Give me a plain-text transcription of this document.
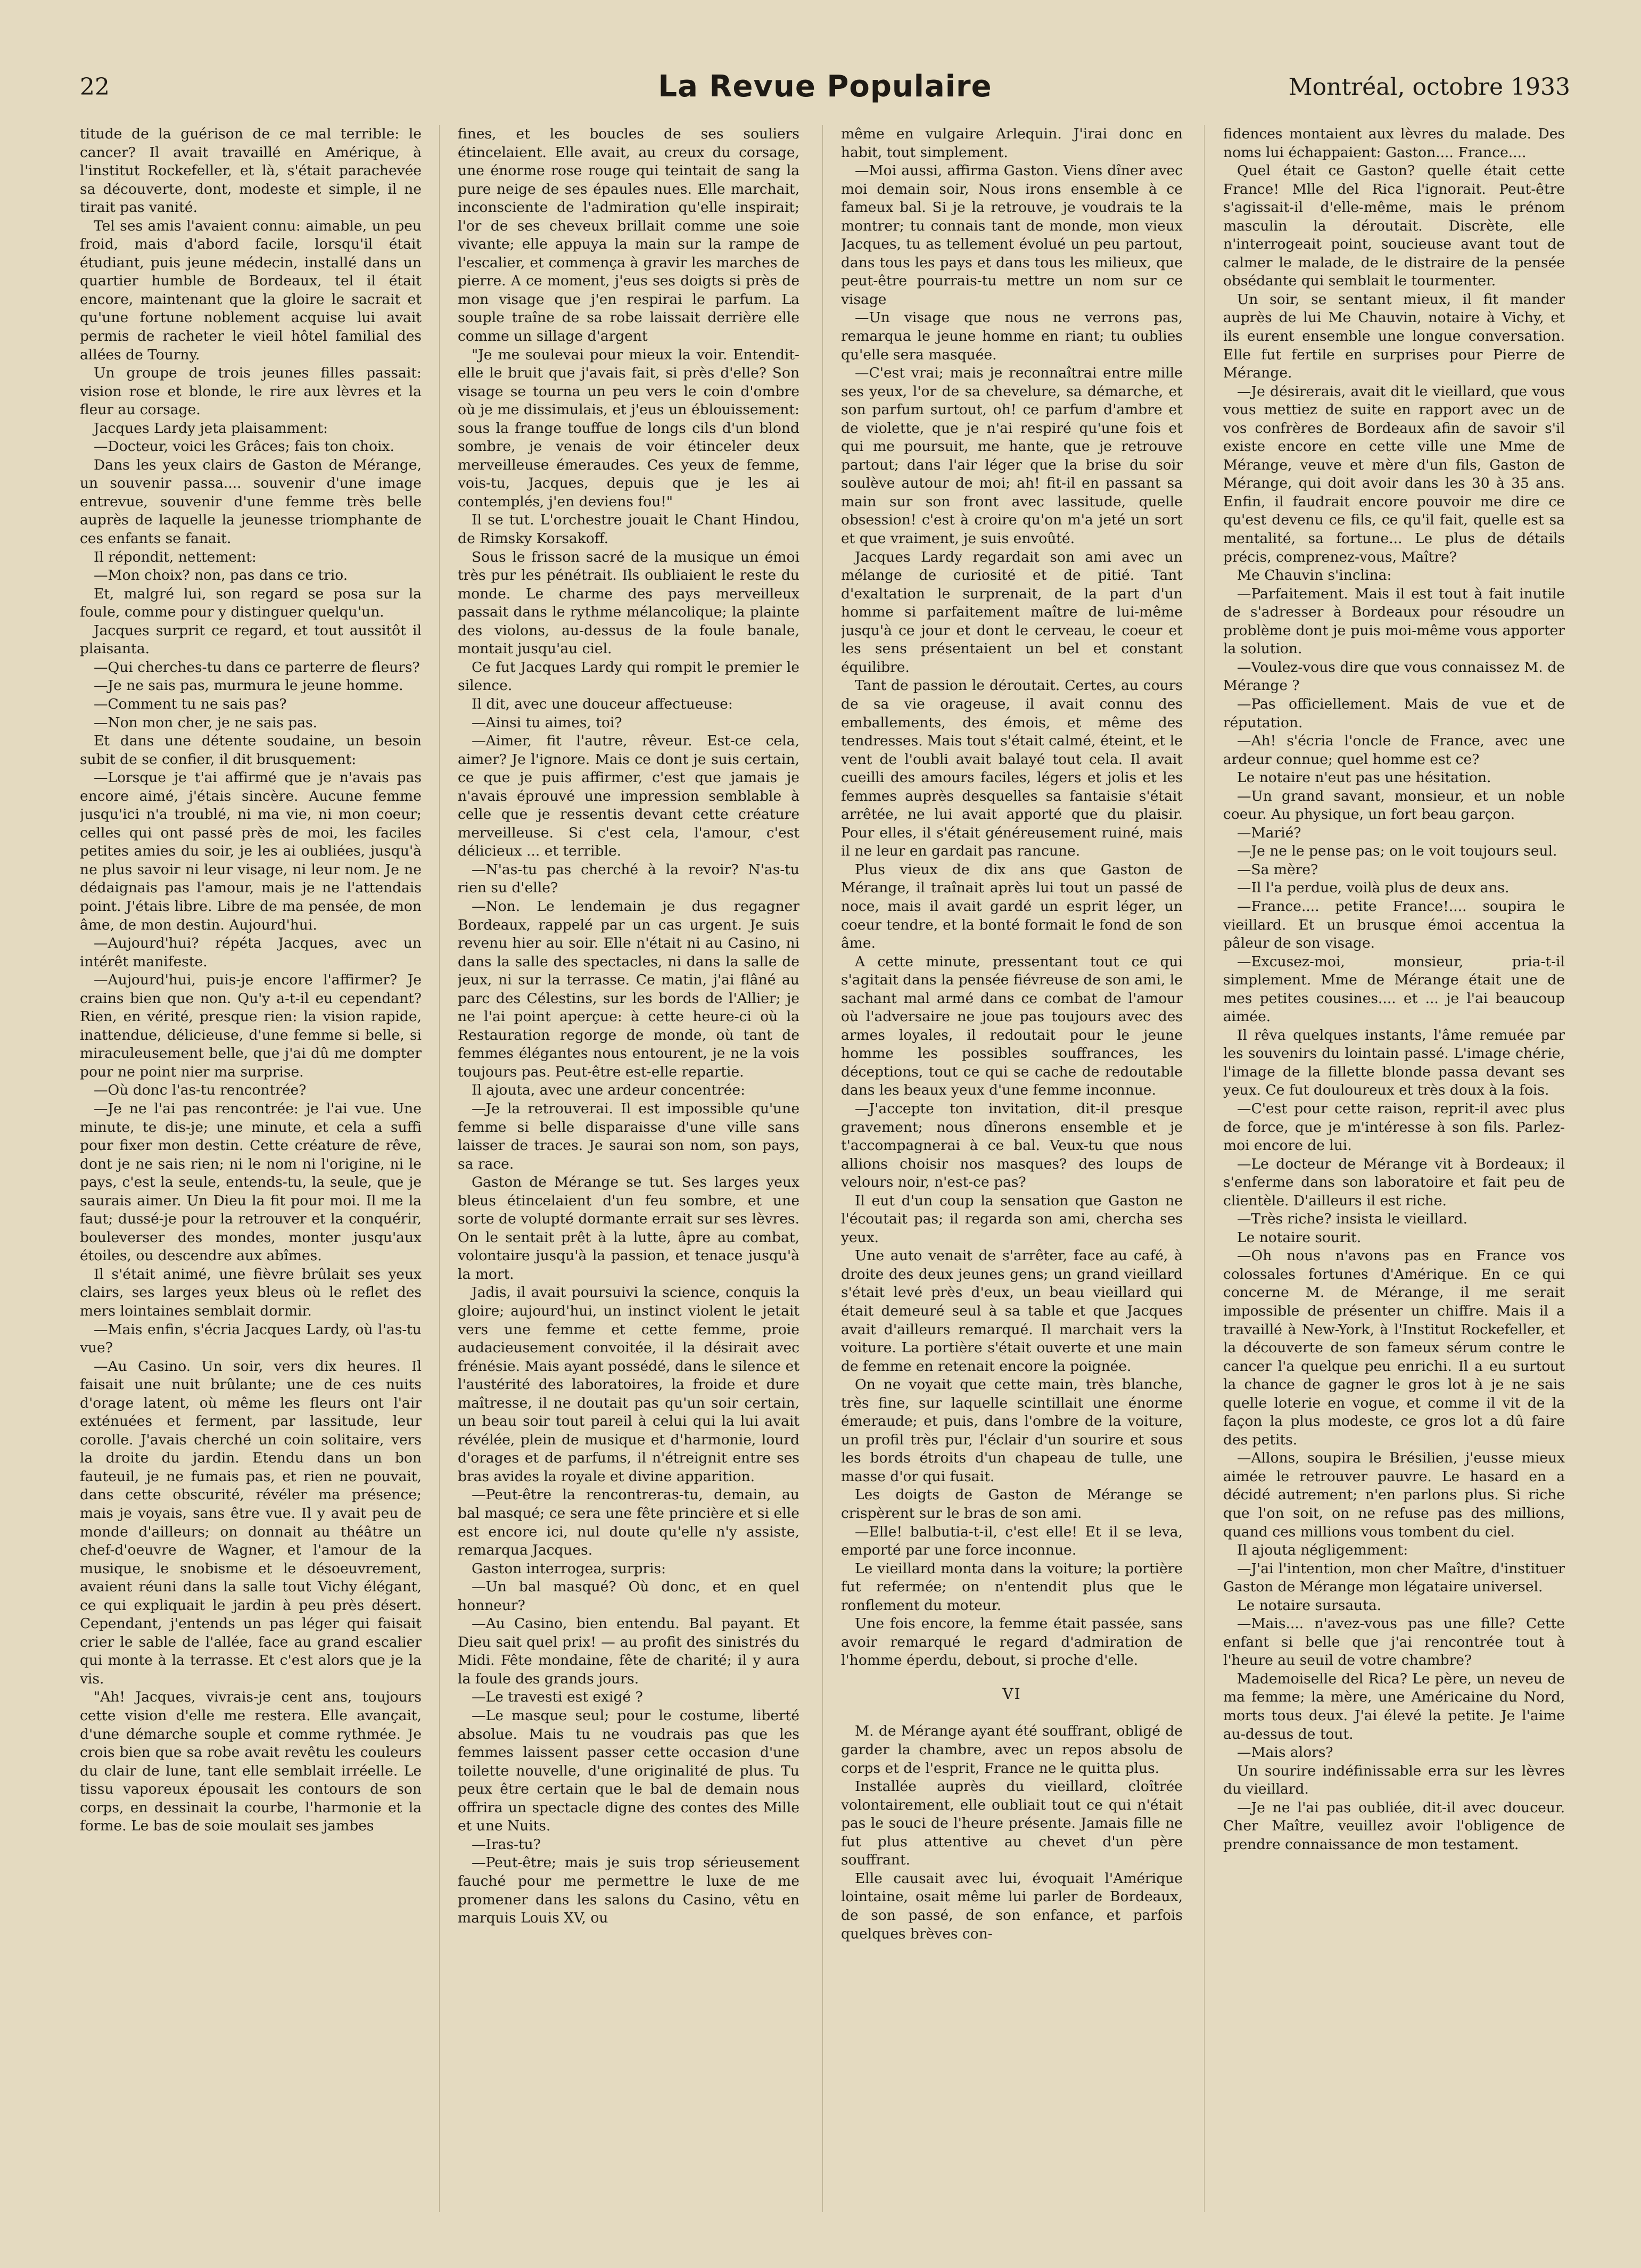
22	La Revue Populaire	Montréal, octobre 1933

titude de la guérison de ce mal terrible: le cancer? Il avait travaillé en Amérique, à l'institut Rockefeller, et là, s'était parachevée sa découverte, dont, modeste et simple, il ne tirait pas vanité.

Tel ses amis l'avaient connu: aimable, un peu froid, mais d'abord facile, lorsqu'il était étudiant, puis jeune médecin, installé dans un quartier humble de Bordeaux, tel il était encore, maintenant que la gloire le sacrait et qu'une fortune noblement acquise lui avait permis de racheter le vieil hôtel familial des allées de Tourny.

Un groupe de trois jeunes filles passait: vision rose et blonde, le rire aux lèvres et la fleur au corsage.

Jacques Lardy jeta plaisamment:

—Docteur, voici les Grâces; fais ton choix.

Dans les yeux clairs de Gaston de Mérange, un souvenir passa.... souvenir d'une image entrevue, souvenir d'une femme très belle auprès de laquelle la jeunesse triomphante de ces enfants se fanait.

Il répondit, nettement:

—Mon choix? non, pas dans ce trio.

Et, malgré lui, son regard se posa sur la foule, comme pour y distinguer quelqu'un.

Jacques surprit ce regard, et tout aussitôt il plaisanta.

—Qui cherches-tu dans ce parterre de fleurs?

—Je ne sais pas, murmura le jeune homme.

—Comment tu ne sais pas?

—Non mon cher, je ne sais pas.

Et dans une détente soudaine, un besoin subit de se confier, il dit brusquement:

—Lorsque je t'ai affirmé que je n'avais pas encore aimé, j'étais sincère. Aucune femme jusqu'ici n'a troublé, ni ma vie, ni mon coeur; celles qui ont passé près de moi, les faciles petites amies du soir, je les ai oubliées, jusqu'à ne plus savoir ni leur visage, ni leur nom. Je ne dédaignais pas l'amour, mais je ne l'attendais point. J'étais libre. Libre de ma pensée, de mon âme, de mon destin. Aujourd'hui.

—Aujourd'hui? répéta Jacques, avec un intérêt manifeste.

—Aujourd'hui, puis-je encore l'affirmer? Je crains bien que non. Qu'y a-t-il eu cependant? Rien, en vérité, presque rien: la vision rapide, inattendue, délicieuse, d'une femme si belle, si miraculeusement belle, que j'ai dû me dompter pour ne point nier ma surprise.

—Où donc l'as-tu rencontrée?

—Je ne l'ai pas rencontrée: je l'ai vue. Une minute, te dis-je; une minute, et cela a suffi pour fixer mon destin. Cette créature de rêve, dont je ne sais rien; ni le nom ni l'origine, ni le pays, c'est la seule, entends-tu, la seule, que je saurais aimer. Un Dieu la fit pour moi. Il me la faut; dussé-je pour la retrouver et la conquérir, bouleverser des mondes, monter jusqu'aux étoiles, ou descendre aux abîmes.

Il s'était animé, une fièvre brûlait ses yeux clairs, ses larges yeux bleus où le reflet des mers lointaines semblait dormir.

—Mais enfin, s'écria Jacques Lardy, où l'as-tu vue?

—Au Casino. Un soir, vers dix heures. Il faisait une nuit brûlante; une de ces nuits d'orage latent, où même les fleurs ont l'air exténuées et ferment, par lassitude, leur corolle. J'avais cherché un coin solitaire, vers la droite du jardin. Etendu dans un bon fauteuil, je ne fumais pas, et rien ne pouvait, dans cette obscurité, révéler ma présence; mais je voyais, sans être vue. Il y avait peu de monde d'ailleurs; on donnait au théâtre un chef-d'oeuvre de Wagner, et l'amour de la musique, le snobisme et le désoeuvrement, avaient réuni dans la salle tout Vichy élégant, ce qui expliquait le jardin à peu près désert. Cependant, j'entends un pas léger qui faisait crier le sable de l'allée, face au grand escalier qui monte à la terrasse. Et c'est alors que je la vis.

"Ah! Jacques, vivrais-je cent ans, toujours cette vision d'elle me restera. Elle avançait, d'une démarche souple et comme rythmée. Je crois bien que sa robe avait revêtu les couleurs du clair de lune, tant elle semblait irréelle. Le tissu vaporeux épousait les contours de son corps, en dessinait la courbe, l'harmonie et la forme. Le bas de soie moulait ses jambes

fines, et les boucles de ses souliers étincelaient. Elle avait, au creux du corsage, une énorme rose rouge qui teintait de sang la pure neige de ses épaules nues. Elle marchait, inconsciente de l'admiration qu'elle inspirait; l'or de ses cheveux brillait comme une soie vivante; elle appuya la main sur la rampe de l'escalier, et commença à gravir les marches de pierre. A ce moment, j'eus ses doigts si près de mon visage que j'en respirai le parfum. La souple traîne de sa robe laissait derrière elle comme un sillage d'argent

"Je me soulevai pour mieux la voir. Entendit-elle le bruit que j'avais fait, si près d'elle? Son visage se tourna un peu vers le coin d'ombre où je me dissimulais, et j'eus un éblouissement: sous la frange touffue de longs cils d'un blond sombre, je venais de voir étinceler deux merveilleuse émeraudes. Ces yeux de femme, vois-tu, Jacques, depuis que je les ai contemplés, j'en deviens fou!"

Il se tut. L'orchestre jouait le Chant Hindou, de Rimsky Korsakoff.

Sous le frisson sacré de la musique un émoi très pur les pénétrait. Ils oubliaient le reste du monde. Le charme des pays merveilleux passait dans le rythme mélancolique; la plainte des violons, au-dessus de la foule banale, montait jusqu'au ciel.

Ce fut Jacques Lardy qui rompit le premier le silence.

Il dit, avec une douceur affectueuse:

—Ainsi tu aimes, toi?

—Aimer, fit l'autre, rêveur. Est-ce cela, aimer? Je l'ignore. Mais ce dont je suis certain, ce que je puis affirmer, c'est que jamais je n'avais éprouvé une impression semblable à celle que je ressentis devant cette créature merveilleuse. Si c'est cela, l'amour, c'est délicieux ... et terrible.

—N'as-tu pas cherché à la revoir? N'as-tu rien su d'elle?

—Non. Le lendemain je dus regagner Bordeaux, rappelé par un cas urgent. Je suis revenu hier au soir. Elle n'était ni au Casino, ni dans la salle des spectacles, ni dans la salle de jeux, ni sur la terrasse. Ce matin, j'ai flâné au parc des Célestins, sur les bords de l'Allier; je ne l'ai point aperçue: à cette heure-ci où la Restauration regorge de monde, où tant de femmes élégantes nous entourent, je ne la vois toujours pas. Peut-être est-elle repartie.

Il ajouta, avec une ardeur concentrée:

—Je la retrouverai. Il est impossible qu'une femme si belle disparaisse d'une ville sans laisser de traces. Je saurai son nom, son pays, sa race.

Gaston de Mérange se tut. Ses larges yeux bleus étincelaient d'un feu sombre, et une sorte de volupté dormante errait sur ses lèvres. On le sentait prêt à la lutte, âpre au combat, volontaire jusqu'à la passion, et tenace jusqu'à la mort.

Jadis, il avait poursuivi la science, conquis la gloire; aujourd'hui, un instinct violent le jetait vers une femme et cette femme, proie audacieusement convoitée, il la désirait avec frénésie. Mais ayant possédé, dans le silence et l'austérité des laboratoires, la froide et dure maîtresse, il ne doutait pas qu'un soir certain, un beau soir tout pareil à celui qui la lui avait révélée, plein de musique et d'harmonie, lourd d'orages et de parfums, il n'étreignit entre ses bras avides la royale et divine apparition.

—Peut-être la rencontreras-tu, demain, au bal masqué; ce sera une fête princière et si elle est encore ici, nul doute qu'elle n'y assiste, remarqua Jacques.

Gaston interrogea, surpris:

—Un bal masqué? Où donc, et en quel honneur?

—Au Casino, bien entendu. Bal payant. Et Dieu sait quel prix! — au profit des sinistrés du Midi. Fête mondaine, fête de charité; il y aura la foule des grands jours.

—Le travesti est exigé ?

—Le masque seul; pour le costume, liberté absolue. Mais tu ne voudrais pas que les femmes laissent passer cette occasion d'une toilette nouvelle, d'une originalité de plus. Tu peux être certain que le bal de demain nous offrira un spectacle digne des contes des Mille et une Nuits.

—Iras-tu?

—Peut-être; mais je suis trop sérieusement fauché pour me permettre le luxe de me promener dans les salons du Casino, vêtu en marquis Louis XV, ou

même en vulgaire Arlequin. J'irai donc en habit, tout simplement.

—Moi aussi, affirma Gaston. Viens dîner avec moi demain soir, Nous irons ensemble à ce fameux bal. Si je la retrouve, je voudrais te la montrer; tu connais tant de monde, mon vieux Jacques, tu as tellement évolué un peu partout, dans tous les pays et dans tous les milieux, que peut-être pourrais-tu mettre un nom sur ce visage

—Un visage que nous ne verrons pas, remarqua le jeune homme en riant; tu oublies qu'elle sera masquée.

—C'est vrai; mais je reconnaîtrai entre mille ses yeux, l'or de sa chevelure, sa démarche, et son parfum surtout, oh! ce parfum d'ambre et de violette, que je n'ai respiré qu'une fois et qui me poursuit, me hante, que je retrouve partout; dans l'air léger que la brise du soir soulève autour de moi; ah! fit-il en passant sa main sur son front avec lassitude, quelle obsession! c'est à croire qu'on m'a jeté un sort et que vraiment, je suis envoûté.

Jacques Lardy regardait son ami avec un mélange de curiosité et de pitié. Tant d'exaltation le surprenait, de la part d'un homme si parfaitement maître de lui-même jusqu'à ce jour et dont le cerveau, le coeur et les sens présentaient un bel et constant équilibre.

Tant de passion le déroutait. Certes, au cours de sa vie orageuse, il avait connu des emballements, des émois, et même des tendresses. Mais tout s'était calmé, éteint, et le vent de l'oubli avait balayé tout cela. Il avait cueilli des amours faciles, légers et jolis et les femmes auprès desquelles sa fantaisie s'était arrêtée, ne lui avait apporté que du plaisir. Pour elles, il s'était généreusement ruiné, mais il ne leur en gardait pas rancune.

Plus vieux de dix ans que Gaston de Mérange, il traînait après lui tout un passé de noce, mais il avait gardé un esprit léger, un coeur tendre, et la bonté formait le fond de son âme.

A cette minute, pressentant tout ce qui s'agitait dans la pensée fiévreuse de son ami, le sachant mal armé dans ce combat de l'amour où l'adversaire ne joue pas toujours avec des armes loyales, il redoutait pour le jeune homme les possibles souffrances, les déceptions, tout ce qui se cache de redoutable dans les beaux yeux d'une femme inconnue.

—J'accepte ton invitation, dit-il presque gravement; nous dînerons ensemble et je t'accompagnerai à ce bal. Veux-tu que nous allions choisir nos masques? des loups de velours noir, n'est-ce pas?

Il eut d'un coup la sensation que Gaston ne l'écoutait pas; il regarda son ami, chercha ses yeux.

Une auto venait de s'arrêter, face au café, à droite des deux jeunes gens; un grand vieillard s'était levé près d'eux, un beau vieillard qui était demeuré seul à sa table et que Jacques avait d'ailleurs remarqué. Il marchait vers la voiture. La portière s'était ouverte et une main de femme en retenait encore la poignée.

On ne voyait que cette main, très blanche, très fine, sur laquelle scintillait une énorme émeraude; et puis, dans l'ombre de la voiture, un profil très pur, l'éclair d'un sourire et sous les bords étroits d'un chapeau de tulle, une masse d'or qui fusait.

Les doigts de Gaston de Mérange se crispèrent sur le bras de son ami.

—Elle! balbutia-t-il, c'est elle! Et il se leva, emporté par une force inconnue.

Le vieillard monta dans la voiture; la portière fut refermée; on n'entendit plus que le ronflement du moteur.

Une fois encore, la femme était passée, sans avoir remarqué le regard d'admiration de l'homme éperdu, debout, si proche d'elle.

VI

M. de Mérange ayant été souffrant, obligé de garder la chambre, avec un repos absolu de corps et de l'esprit, France ne le quitta plus.

Installée auprès du vieillard, cloîtrée volontairement, elle oubliait tout ce qui n'était pas le souci de l'heure présente. Jamais fille ne fut plus attentive au chevet d'un père souffrant.

Elle causait avec lui, évoquait l'Amérique lointaine, osait même lui parler de Bordeaux, de son passé, de son enfance, et parfois quelques brèves con-

fidences montaient aux lèvres du malade. Des noms lui échappaient: Gaston.... France....

Quel était ce Gaston? quelle était cette France! Mlle del Rica l'ignorait. Peut-être s'agissait-il d'elle-même, mais le prénom masculin la déroutait. Discrète, elle n'interrogeait point, soucieuse avant tout de calmer le malade, de le distraire de la pensée obsédante qui semblait le tourmenter.

Un soir, se sentant mieux, il fit mander auprès de lui Me Chauvin, notaire à Vichy, et ils eurent ensemble une longue conversation. Elle fut fertile en surprises pour Pierre de Mérange.

—Je désirerais, avait dit le vieillard, que vous vous mettiez de suite en rapport avec un de vos confrères de Bordeaux afin de savoir s'il existe encore en cette ville une Mme de Mérange, veuve et mère d'un fils, Gaston de Mérange, qui doit avoir dans les 30 à 35 ans. Enfin, il faudrait encore pouvoir me dire ce qu'est devenu ce fils, ce qu'il fait, quelle est sa mentalité, sa fortune... Le plus de détails précis, comprenez-vous, Maître?

Me Chauvin s'inclina:

—Parfaitement. Mais il est tout à fait inutile de s'adresser à Bordeaux pour résoudre un problème dont je puis moi-même vous apporter la solution.

—Voulez-vous dire que vous connaissez M. de Mérange ?

—Pas officiellement. Mais de vue et de réputation.

—Ah! s'écria l'oncle de France, avec une ardeur connue; quel homme est ce?

Le notaire n'eut pas une hésitation.

—Un grand savant, monsieur, et un noble coeur. Au physique, un fort beau garçon.

—Marié?

—Je ne le pense pas; on le voit toujours seul.

—Sa mère?

—Il l'a perdue, voilà plus de deux ans.

—France.... petite France!.... soupira le vieillard. Et un brusque émoi accentua la pâleur de son visage.

—Excusez-moi, monsieur, pria-t-il simplement. Mme de Mérange était une de mes petites cousines.... et ... je l'ai beaucoup aimée.

Il rêva quelques instants, l'âme remuée par les souvenirs du lointain passé. L'image chérie, l'image de la fillette blonde passa devant ses yeux. Ce fut douloureux et très doux à la fois.

—C'est pour cette raison, reprit-il avec plus de force, que je m'intéresse à son fils. Parlez-moi encore de lui.

—Le docteur de Mérange vit à Bordeaux; il s'enferme dans son laboratoire et fait peu de clientèle. D'ailleurs il est riche.

—Très riche? insista le vieillard.

Le notaire sourit.

—Oh nous n'avons pas en France vos colossales fortunes d'Amérique. En ce qui concerne M. de Mérange, il me serait impossible de présenter un chiffre. Mais il a travaillé à New-York, à l'Institut Rockefeller, et la découverte de son fameux sérum contre le cancer l'a quelque peu enrichi. Il a eu surtout la chance de gagner le gros lot à je ne sais quelle loterie en vogue, et comme il vit de la façon la plus modeste, ce gros lot a dû faire des petits.

—Allons, soupira le Brésilien, j'eusse mieux aimée le retrouver pauvre. Le hasard en a décidé autrement; n'en parlons plus. Si riche que l'on soit, on ne refuse pas des millions, quand ces millions vous tombent du ciel.

Il ajouta négligemment:

—J'ai l'intention, mon cher Maître, d'instituer Gaston de Mérange mon légataire universel.

Le notaire sursauta.

—Mais.... n'avez-vous pas une fille? Cette enfant si belle que j'ai rencontrée tout à l'heure au seuil de votre chambre?

Mademoiselle del Rica? Le père, un neveu de ma femme; la mère, une Américaine du Nord, morts tous deux. J'ai élevé la petite. Je l'aime au-dessus de tout.

—Mais alors?

Un sourire indéfinissable erra sur les lèvres du vieillard.

—Je ne l'ai pas oubliée, dit-il avec douceur. Cher Maître, veuillez avoir l'obligence de prendre connaissance de mon testament.
